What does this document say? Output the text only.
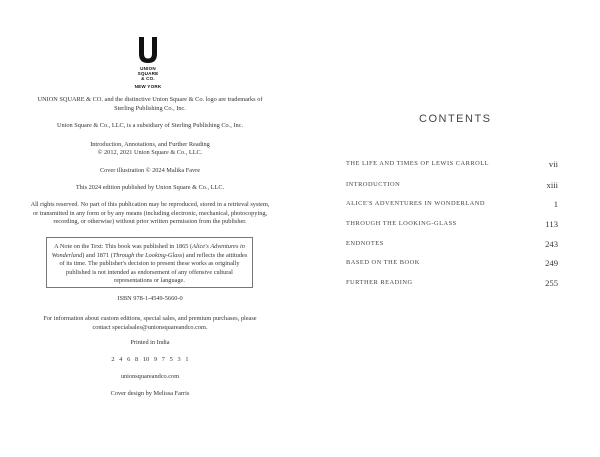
UNION
SQUARE
& CO.
NEW YORK

UNION SQUARE & CO. and the distinctive Union Square & Co. logo are trademarks of Sterling Publishing Co., Inc.

Union Square & Co., LLC, is a subsidiary of Sterling Publishing Co., Inc.

Introduction, Annotations, and Further Reading

© 2012, 2021 Union Square & Co., LLC.

Cover illustration © 2024 Malika Favre

This 2024 edition published by Union Square & Co., LLC.

All rights reserved. No part of this publication may be reproduced, stored in a retrieval system, or transmitted in any form or by any means (including electronic, mechanical, photocopying, recording, or otherwise) without prior written permission from the publisher.

A Note on the Text: This book was published in 1865 (Alice's Adventures in Wonderland) and 1871 (Through the Looking-Glass) and reflects the attitudes of its time. The publisher's decision to present these works as originally published is not intended as endorsement of any offensive cultural representations or language.

ISBN 978-1-4549-5660-0

For information about custom editions, special sales, and premium purchases, please contact specialsales@unionsquareandco.com.

Printed in India

2   4   6   8   10   9   7   5   3   1

unionsquareandco.com

Cover design by Melissa Farris

CONTENTS
THE LIFE AND TIMES OF LEWIS CARROLL	vii
INTRODUCTION	xiii
ALICE'S ADVENTURES IN WONDERLAND	1
THROUGH THE LOOKING-GLASS	113
ENDNOTES	243
BASED ON THE BOOK	249
FURTHER READING	255
